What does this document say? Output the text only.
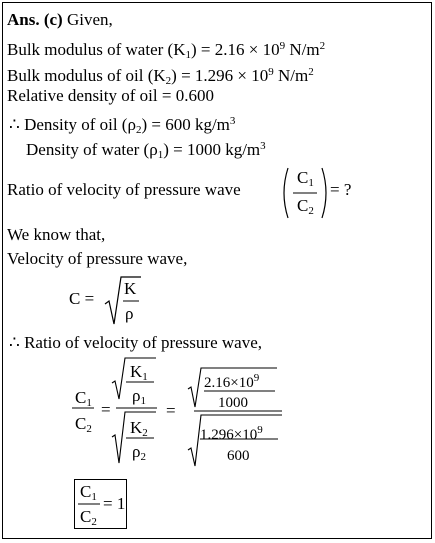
Ans. (c) Given,
Bulk modulus of water $(K_1) = 2.16 \times 10^9$ $N/m^2$
Bulk modulus of oil $(K_2) = 1.296 \times 10^9$ $N/m^2$
Relative density of oil = 0.600
∴ Density of oil $(\rho_2) = 600$ $kg/m^3$
Density of water $(\rho_1) = 1000$ $kg/m^3$
Ratio of velocity of pressure wave
$C_1$
$C_2$
= ?
We know that,
Velocity of pressure wave,
C =
K
ρ
∴ Ratio of velocity of pressure wave,
$C_1$
$C_2$
=
$K_1$
$\rho_1$
$K_2$
$\rho_2$
=
$2.16\times 10^9$
1000
$1.296\times 10^9$
600
$C_1$
$C_2$
= 1
